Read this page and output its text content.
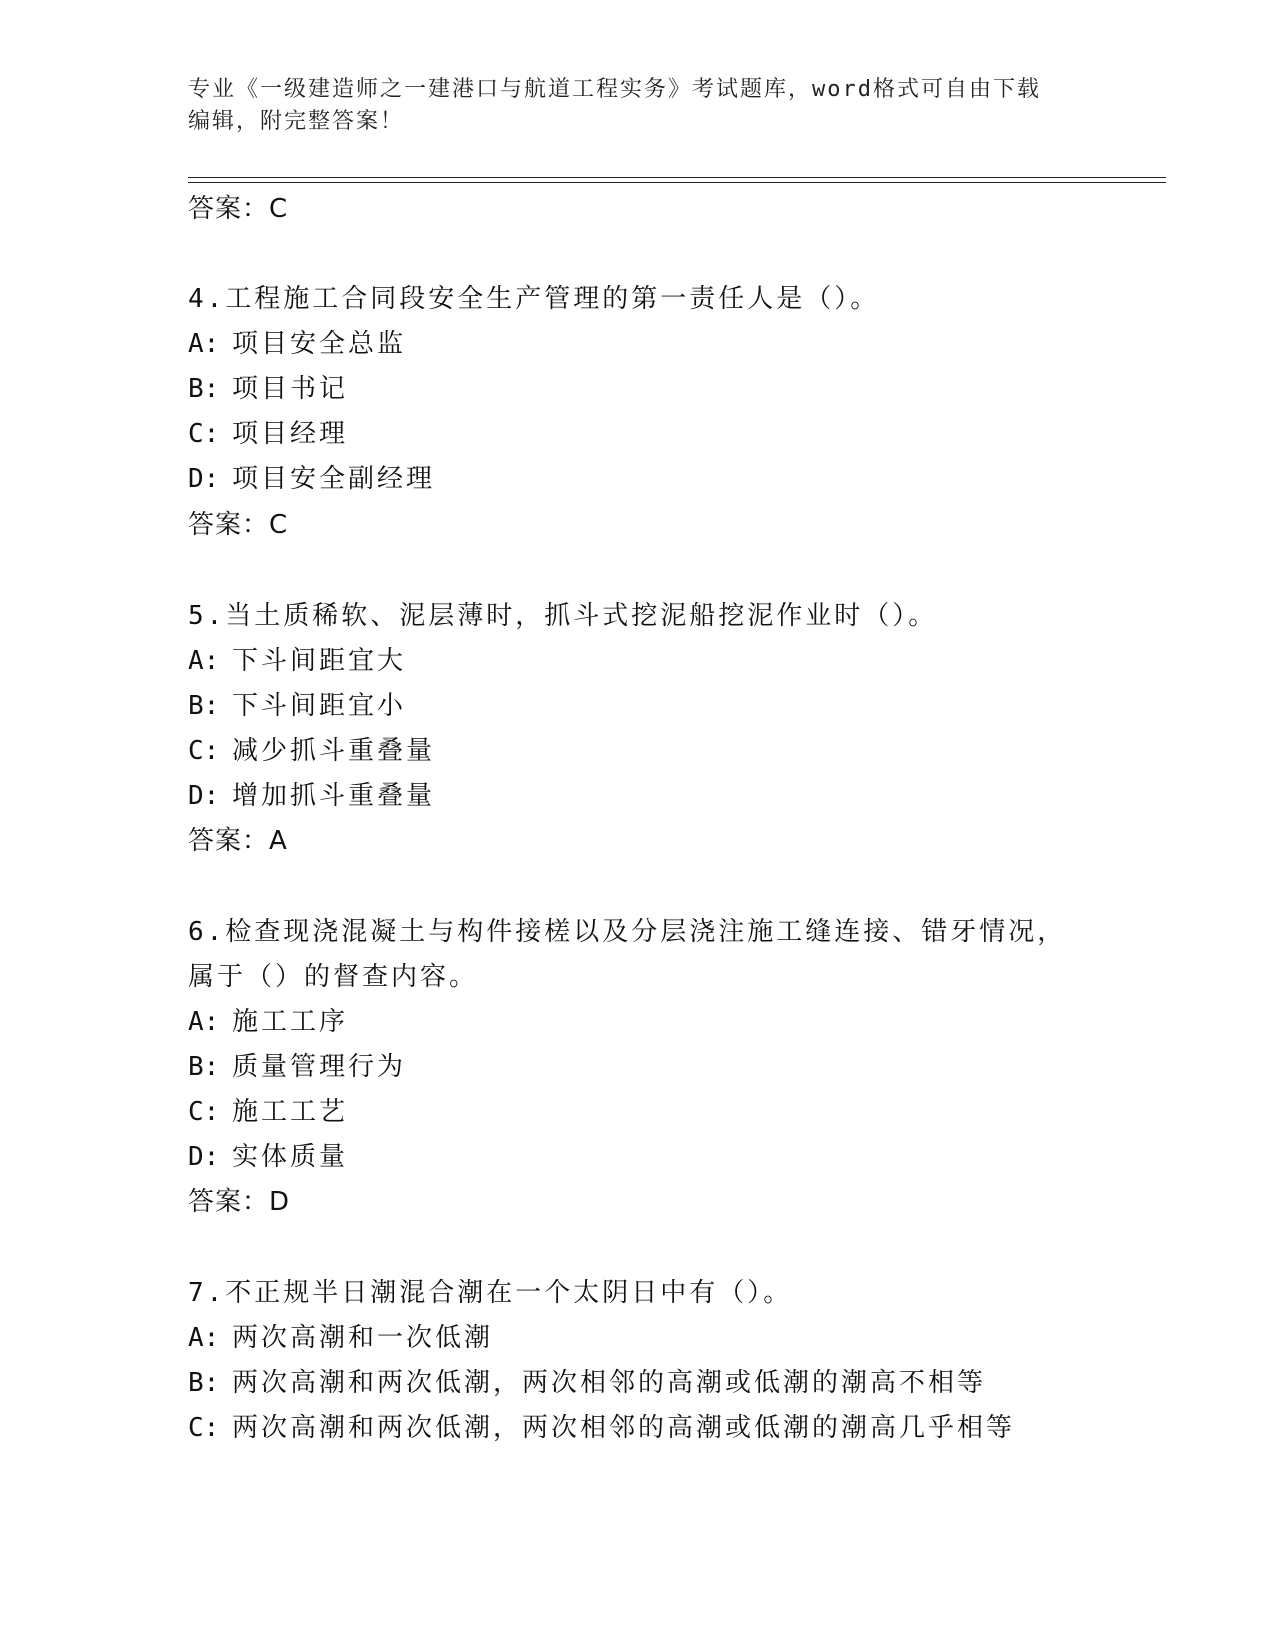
专业《一级建造师之一建港口与航道工程实务》考试题库，word格式可自由下载
编辑，附完整答案！
答案：C
4.工程施工合同段安全生产管理的第一责任人是（）。
A: 项目安全总监
B: 项目书记
C: 项目经理
D: 项目安全副经理
答案：C
5.当土质稀软、泥层薄时，抓斗式挖泥船挖泥作业时（）。
A: 下斗间距宜大
B: 下斗间距宜小
C: 减少抓斗重叠量
D: 增加抓斗重叠量
答案：A
6.检查现浇混凝土与构件接槎以及分层浇注施工缝连接、错牙情况，
属于（）的督查内容。
A: 施工工序
B: 质量管理行为
C: 施工工艺
D: 实体质量
答案：D
7.不正规半日潮混合潮在一个太阴日中有（）。
A: 两次高潮和一次低潮
B: 两次高潮和两次低潮，两次相邻的高潮或低潮的潮高不相等
C: 两次高潮和两次低潮，两次相邻的高潮或低潮的潮高几乎相等
